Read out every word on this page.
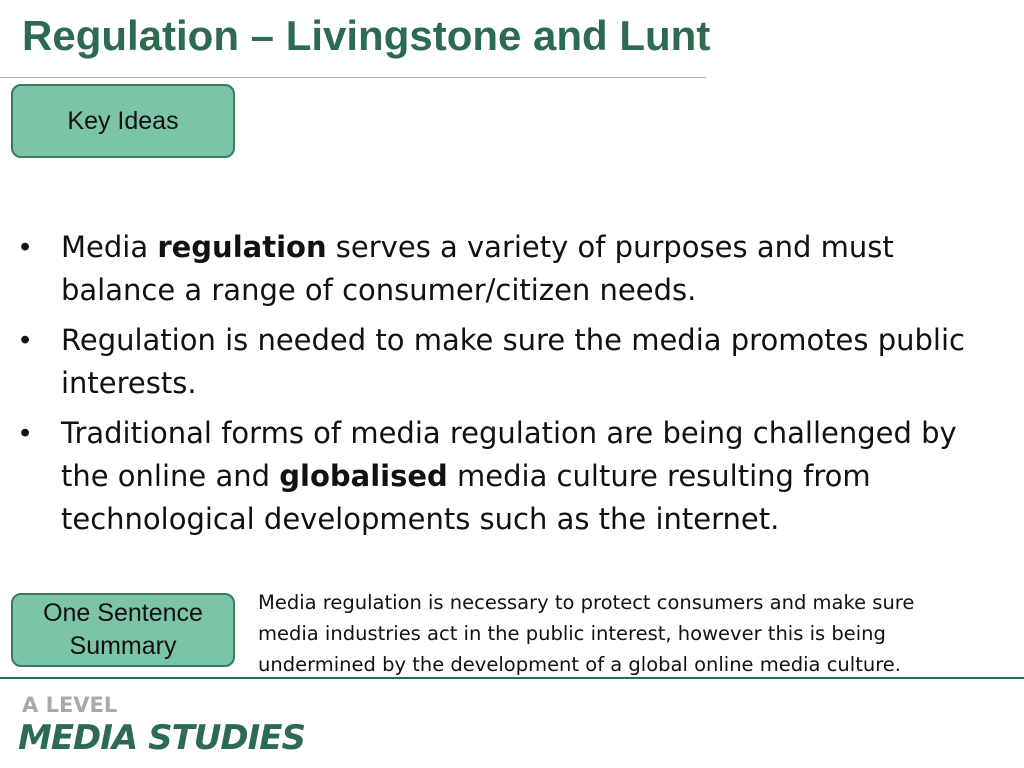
Regulation – Livingstone and Lunt
Key Ideas
• Media regulation serves a variety of purposes and must balance a range of consumer/citizen needs.
• Regulation is needed to make sure the media promotes public interests.
• Traditional forms of media regulation are being challenged by the online and globalised media culture resulting from technological developments such as the internet.
One Sentence
Summary
Media regulation is necessary to protect consumers and make sure media industries act in the public interest, however this is being undermined by the development of a global online media culture.
A LEVEL
MEDIA STUDIES
